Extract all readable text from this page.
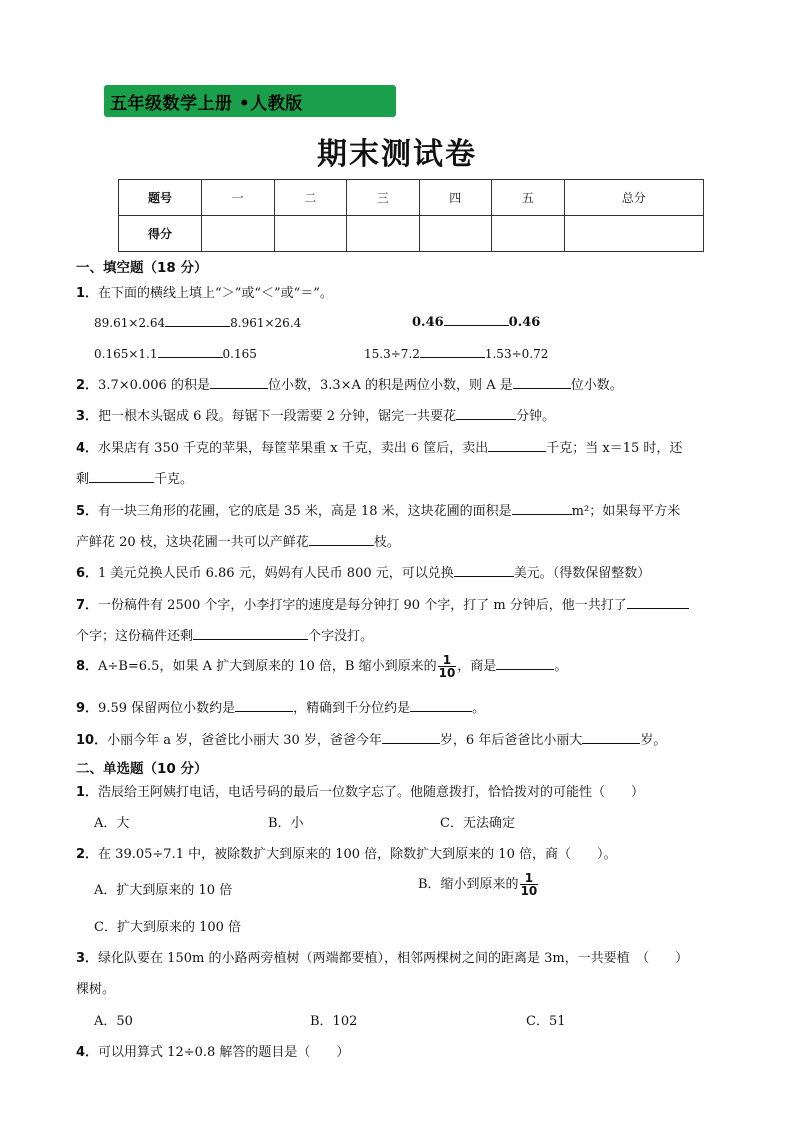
五年级数学上册 •人教版
期末测试卷
题号	一	二	三	四	五	总分
得分						
一、填空题（18 分）
1．在下面的横线上填上“＞”或“＜”或“＝”。
89.61×2.64	8.961×26.4	0.46	0.46
0.165×1.1	0.165	15.3÷7.2	1.53÷0.72
2．3.7×0.006 的积是	位小数，3.3×A 的积是两位小数，则 A 是	位小数。
3．把一根木头锯成 6 段。每锯下一段需要 2 分钟，锯完一共要花	分钟。
4．水果店有 350 千克的苹果，每筐苹果重 x 千克，卖出 6 筐后，卖出	千克；当 x＝15 时，还
剩	千克。
5．有一块三角形的花圃，它的底是 35 米，高是 18 米，这块花圃的面积是	m²；如果每平方米
产鲜花 20 枝，这块花圃一共可以产鲜花	枝。
6．1 美元兑换人民币 6.86 元，妈妈有人民币 800 元，可以兑换	美元。（得数保留整数）
7．一份稿件有 2500 个字，小李打字的速度是每分钟打 90 个字，打了 m 分钟后，他一共打了
个字；这份稿件还剩	个字没打。
8．A÷B=6.5，如果 A 扩大到原来的 10 倍，B 缩小到原来的 $\frac{1}{10}$ ，商是	。
9．9.59 保留两位小数约是	，精确到千分位约是	。
10．小丽今年 a 岁，爸爸比小丽大 30 岁，爸爸今年	岁，6 年后爸爸比小丽大	岁。
二、单选题（10 分）
1．浩辰给王阿姨打电话，电话号码的最后一位数字忘了。他随意拨打，恰恰拨对的可能性（　　）
A．大	B．小	C．无法确定
2．在 39.05÷7.1 中，被除数扩大到原来的 100 倍，除数扩大到原来的 10 倍，商（　　）。
A．扩大到原来的 10 倍	B．缩小到原来的 $\frac{1}{10}$
C．扩大到原来的 100 倍
3．绿化队要在 150m 的小路两旁植树（两端都要植），相邻两棵树之间的距离是 3m，一共要植　（　　）
棵树。
A．50	B．102	C．51
4．可以用算式 12÷0.8 解答的题目是（　　）
